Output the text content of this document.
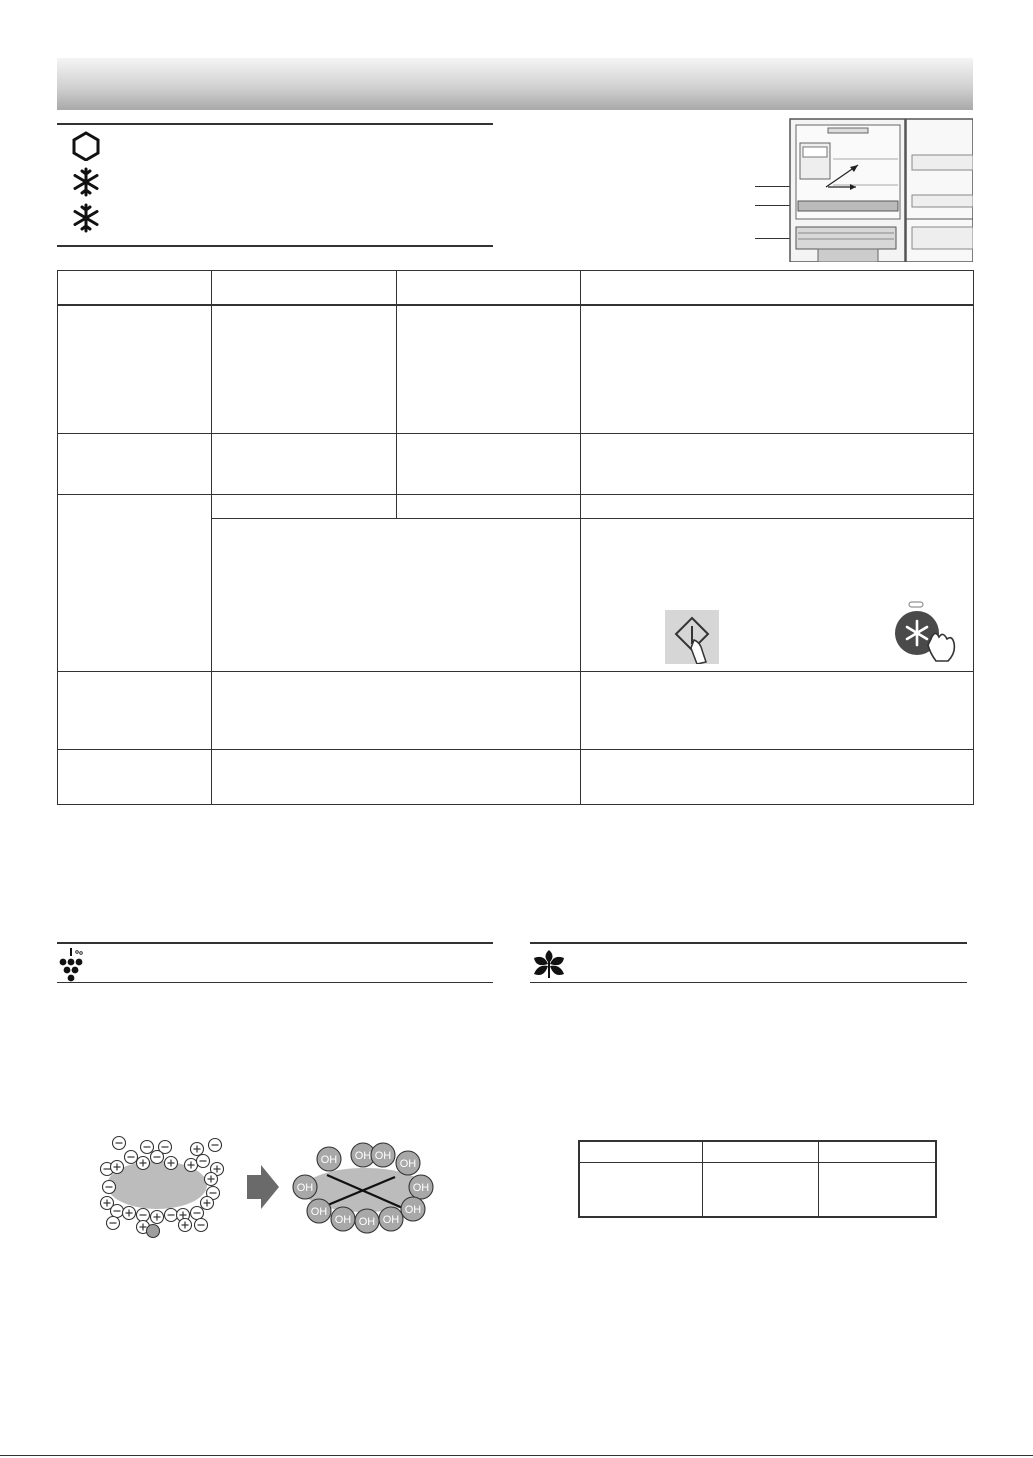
OH OH OH
OH
OH	OH
OH
OH OH OH
OH
